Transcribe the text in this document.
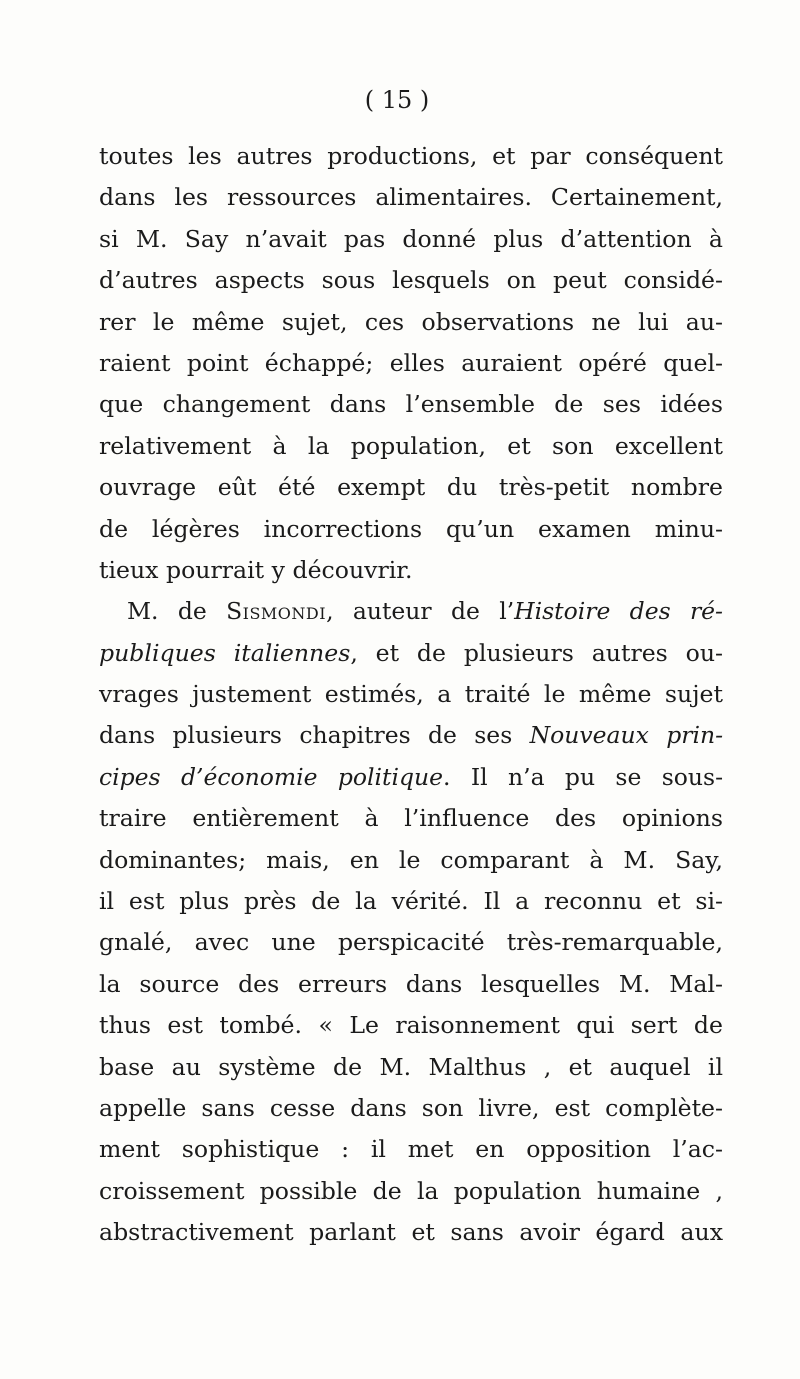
( 15 )
toutes les autres productions, et par conséquent
dans les ressources alimentaires. Certainement,
si M. Say n’avait pas donné plus d’attention à
d’autres aspects sous lesquels on peut considé-
rer le même sujet, ces observations ne lui au-
raient point échappé; elles auraient opéré quel-
que changement dans l’ensemble de ses idées
relativement à la population, et son excellent
ouvrage eût été exempt du très-petit nombre
de légères incorrections qu’un examen minu-
tieux pourrait y découvrir.
M. de Sismondi, auteur de l’Histoire des ré-
publiques italiennes, et de plusieurs autres ou-
vrages justement estimés, a traité le même sujet
dans plusieurs chapitres de ses Nouveaux prin-
cipes d’économie politique. Il n’a pu se sous-
traire entièrement à l’influence des opinions
dominantes; mais, en le comparant à M. Say,
il est plus près de la vérité. Il a reconnu et si-
gnalé, avec une perspicacité très-remarquable,
la source des erreurs dans lesquelles M. Mal-
thus est tombé. « Le raisonnement qui sert de
base au système de M. Malthus , et auquel il
appelle sans cesse dans son livre, est complète-
ment sophistique : il met en opposition l’ac-
croissement possible de la population humaine ,
abstractivement parlant et sans avoir égard aux
